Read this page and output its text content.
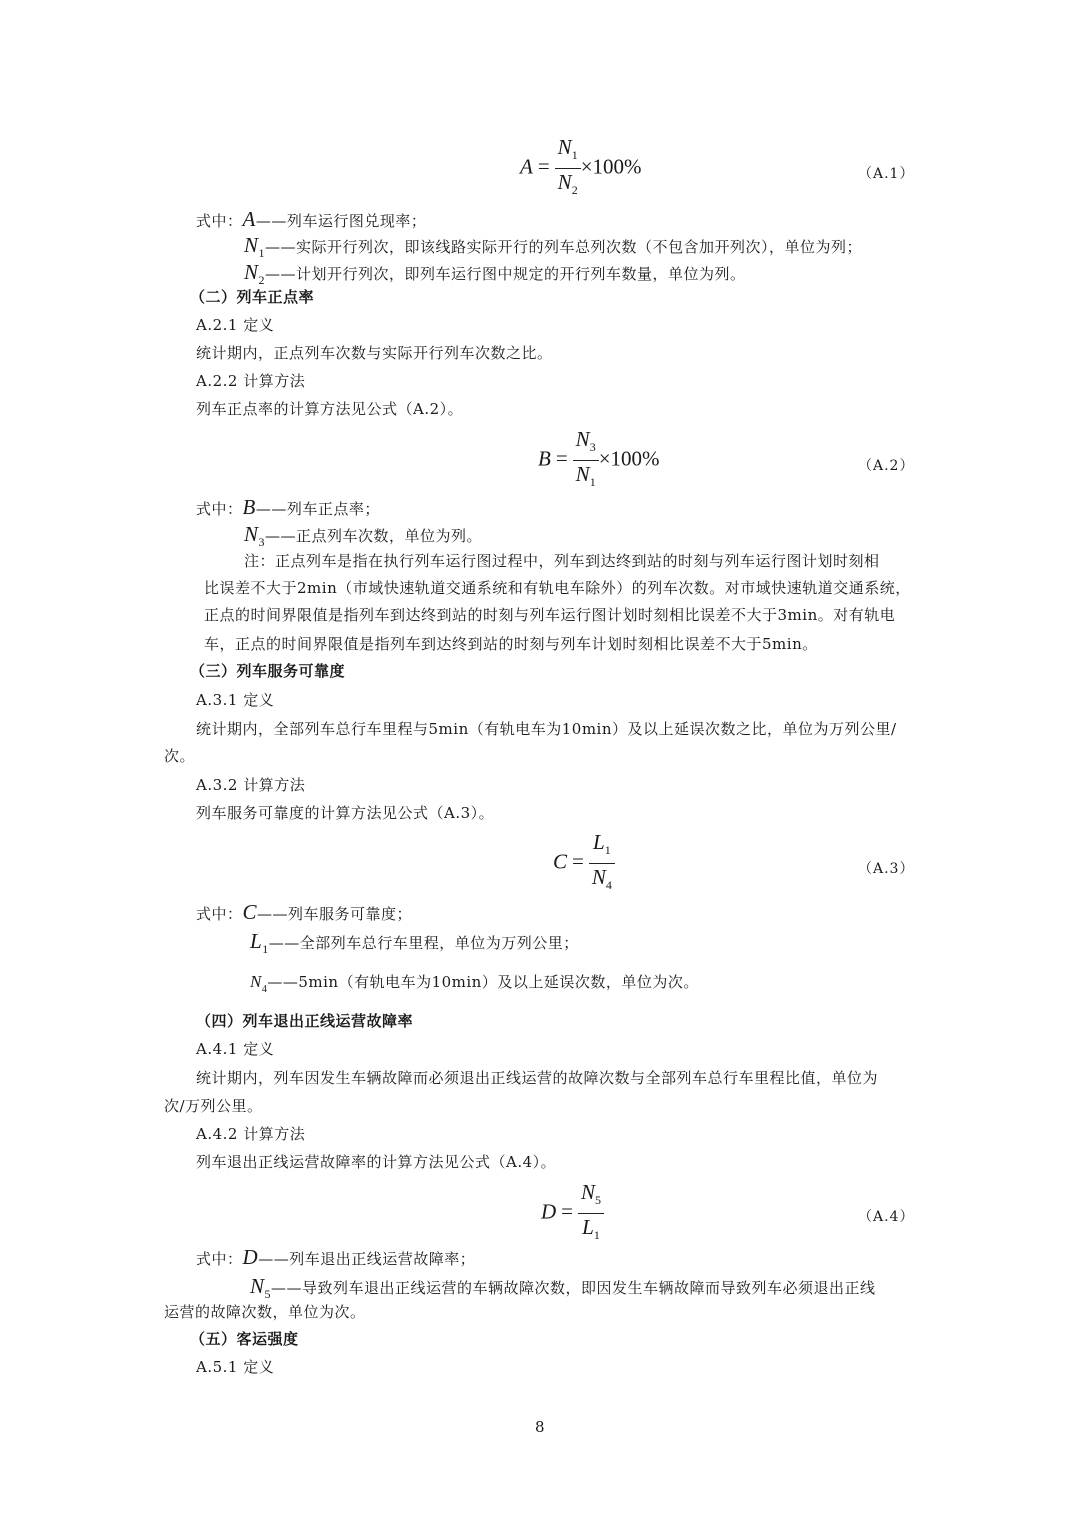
$A = \frac{N_1}{N_2} \times 100\%$	（A.1）
式中：A——列车运行图兑现率；
$N_1——$实际开行列次，即该线路实际开行的列车总列次数（不包含加开列次），单位为列；
$N_2——$计划开行列次，即列车运行图中规定的开行列车数量，单位为列。
（二）列车正点率
A.2.1 定义
统计期内，正点列车次数与实际开行列车次数之比。
A.2.2 计算方法
列车正点率的计算方法见公式（A.2）。
$B = \frac{N_3}{N_1} \times 100\%$	（A.2）
式中：B——列车正点率；
$N_3——$正点列车次数，单位为列。
注：正点列车是指在执行列车运行图过程中，列车到达终到站的时刻与列车运行图计划时刻相
比误差不大于2min（市域快速轨道交通系统和有轨电车除外）的列车次数。对市域快速轨道交通系统，
正点的时间界限值是指列车到达终到站的时刻与列车运行图计划时刻相比误差不大于3min。对有轨电
车，正点的时间界限值是指列车到达终到站的时刻与列车计划时刻相比误差不大于5min。
（三）列车服务可靠度
A.3.1 定义
统计期内，全部列车总行车里程与5min（有轨电车为10min）及以上延误次数之比，单位为万列公里/
次。
A.3.2 计算方法
列车服务可靠度的计算方法见公式（A.3）。
$C = \frac{L_1}{N_4}$	（A.3）
式中：C——列车服务可靠度；
$L_1——$全部列车总行车里程，单位为万列公里；
$N_4——5\min$（有轨电车为10min）及以上延误次数，单位为次。
（四）列车退出正线运营故障率
A.4.1 定义
统计期内，列车因发生车辆故障而必须退出正线运营的故障次数与全部列车总行车里程比值，单位为
次/万列公里。
A.4.2 计算方法
列车退出正线运营故障率的计算方法见公式（A.4）。
$D = \frac{N_5}{L_1}$	（A.4）
式中：D——列车退出正线运营故障率；
$N_5——$导致列车退出正线运营的车辆故障次数，即因发生车辆故障而导致列车必须退出正线
运营的故障次数，单位为次。
（五）客运强度
A.5.1 定义
8
